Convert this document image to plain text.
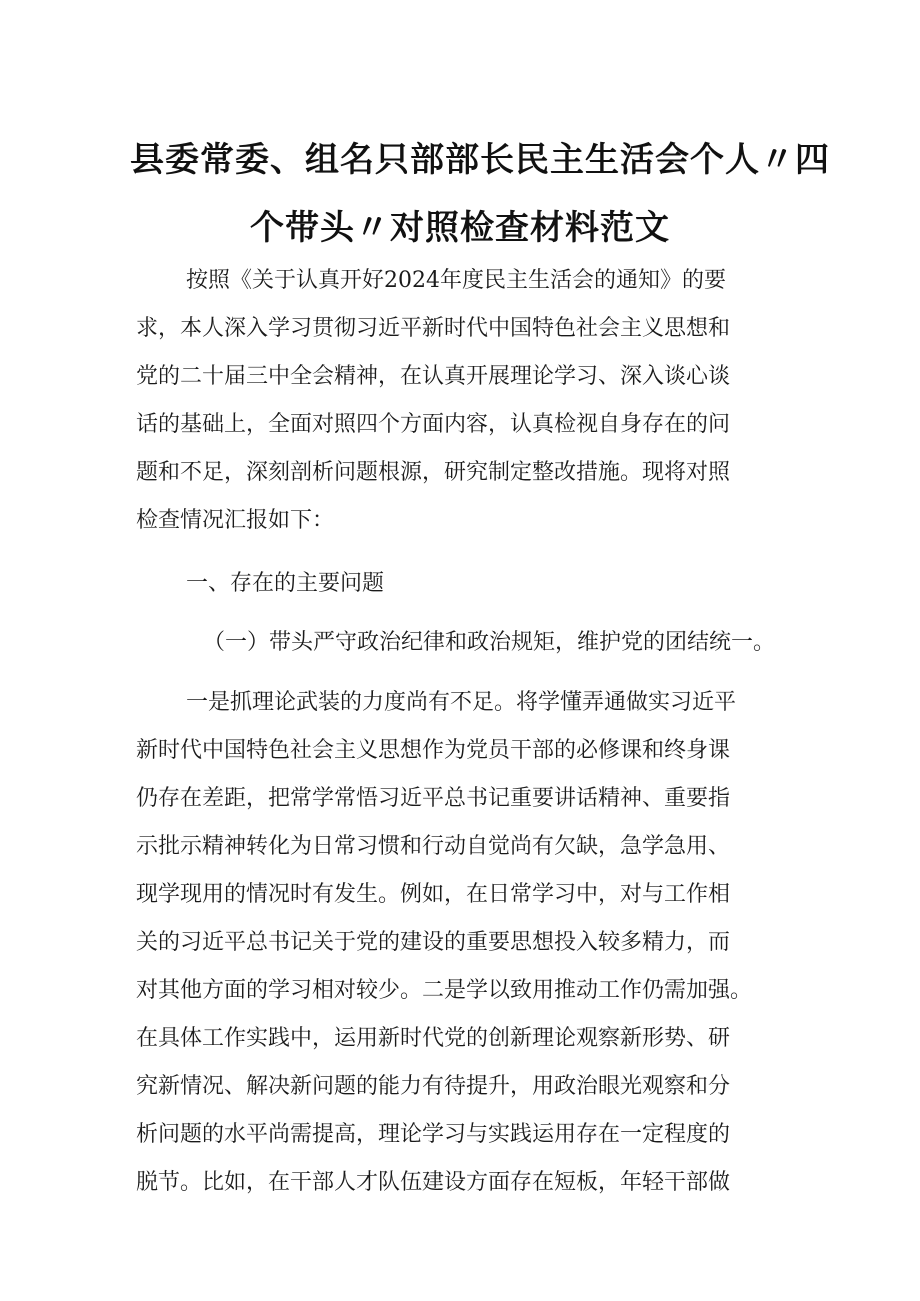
县委常委、组名只部部长民主生活会个人〃四
个带头〃对照检查材料范文
按照《关于认真开好2024年度民主生活会的通知》的要
求，本人深入学习贯彻习近平新时代中国特色社会主义思想和
党的二十届三中全会精神，在认真开展理论学习、深入谈心谈
话的基础上，全面对照四个方面内容，认真检视自身存在的问
题和不足，深刻剖析问题根源，研究制定整改措施。现将对照
检查情况汇报如下：
一、存在的主要问题
（一）带头严守政治纪律和政治规矩，维护党的团结统一。
一是抓理论武装的力度尚有不足。将学懂弄通做实习近平
新时代中国特色社会主义思想作为党员干部的必修课和终身课
仍存在差距，把常学常悟习近平总书记重要讲话精神、重要指
示批示精神转化为日常习惯和行动自觉尚有欠缺，急学急用、
现学现用的情况时有发生。例如，在日常学习中，对与工作相
关的习近平总书记关于党的建设的重要思想投入较多精力，而
对其他方面的学习相对较少。二是学以致用推动工作仍需加强。
在具体工作实践中，运用新时代党的创新理论观察新形势、研
究新情况、解决新问题的能力有待提升，用政治眼光观察和分
析问题的水平尚需提高，理论学习与实践运用存在一定程度的
脱节。比如，在干部人才队伍建设方面存在短板，年轻干部做
